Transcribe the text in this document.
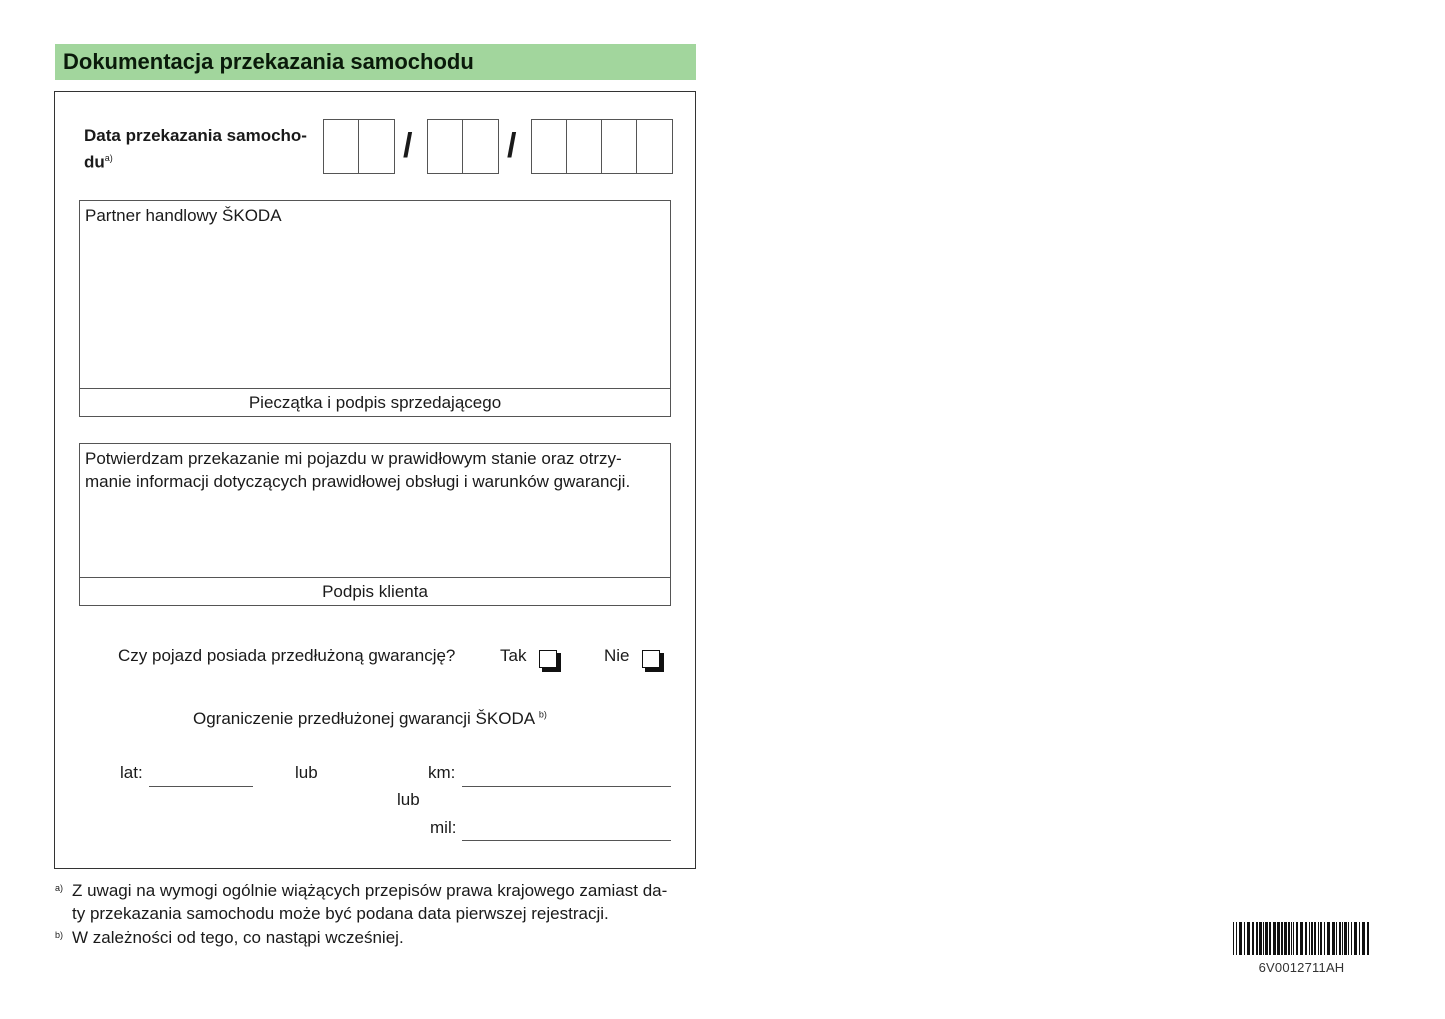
Dokumentacja przekazania samochodu
Data przekazania samocho-
$du^{a)}$	/	/
Partner handlowy ŠKODA
Pieczątka i podpis sprzedającego
Potwierdzam przekazanie mi pojazdu w prawidłowym stanie oraz otrzy-
manie informacji dotyczących prawidłowej obsługi i warunków gwarancji.
Podpis klienta
Czy pojazd posiada przedłużoną gwarancję?	Tak	Nie
Ograniczenie przedłużonej gwarancji ŠKODA $^{b)}$
lat:	lub	km:
lub
mil:
a) Z uwagi na wymogi ogólnie wiążących przepisów prawa krajowego zamiast da-
ty przekazania samochodu może być podana data pierwszej rejestracji.
b) W zależności od tego, co nastąpi wcześniej.
6V0012711AH
